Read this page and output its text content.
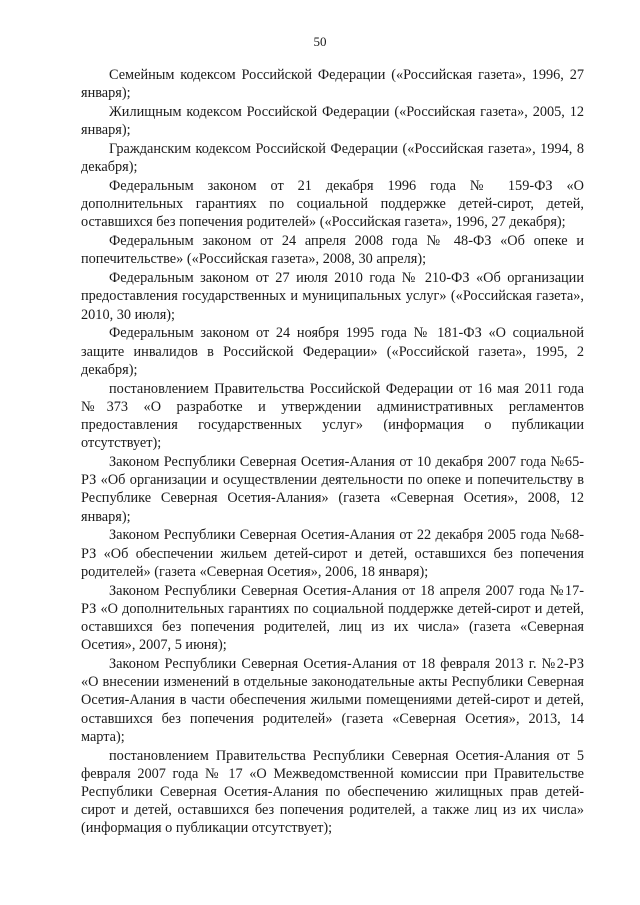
50

Семейным кодексом Российской Федерации («Российская газета», 1996, 27 января);

Жилищным кодексом Российской Федерации («Российская газета», 2005, 12 января);

Гражданским кодексом Российской Федерации («Российская газета», 1994, 8 декабря);

Федеральным законом от 21 декабря 1996 года № 159-ФЗ «О дополнительных гарантиях по социальной поддержке детей-сирот, детей, оставшихся без попечения родителей» («Российская газета», 1996, 27 декабря);

Федеральным законом от 24 апреля 2008 года № 48-ФЗ «Об опеке и попечительстве» («Российская газета», 2008, 30 апреля);

Федеральным законом от 27 июля 2010 года № 210-ФЗ «Об организации предоставления государственных и муниципальных услуг» («Российская газета», 2010, 30 июля);

Федеральным законом от 24 ноября 1995 года № 181-ФЗ «О социальной защите инвалидов в Российской Федерации» («Российской газета», 1995, 2 декабря);

постановлением Правительства Российской Федерации от 16 мая 2011 года №373 «О разработке и утверждении административных регламентов предоставления государственных услуг» (информация о публикации отсутствует);

Законом Республики Северная Осетия-Алания от 10 декабря 2007 года №65-РЗ «Об организации и осуществлении деятельности по опеке и попечительству в Республике Северная Осетия-Алания» (газета «Северная Осетия», 2008, 12 января);

Законом Республики Северная Осетия-Алания от 22 декабря 2005 года №68-РЗ «Об обеспечении жильем детей-сирот и детей, оставшихся без попечения родителей» (газета «Северная Осетия», 2006, 18 января);

Законом Республики Северная Осетия-Алания от 18 апреля 2007 года №17-РЗ «О дополнительных гарантиях по социальной поддержке детей-сирот и детей, оставшихся без попечения родителей, лиц из их числа» (газета «Северная Осетия», 2007, 5 июня);

Законом Республики Северная Осетия-Алания от 18 февраля 2013 г. №2-РЗ «О внесении изменений в отдельные законодательные акты Республики Северная Осетия-Алания в части обеспечения жилыми помещениями детей-сирот и детей, оставшихся без попечения родителей» (газета «Северная Осетия», 2013, 14 марта);

постановлением Правительства Республики Северная Осетия-Алания от 5 февраля 2007 года № 17 «О Межведомственной комиссии при Правительстве Республики Северная Осетия-Алания по обеспечению жилищных прав детей-сирот и детей, оставшихся без попечения родителей, а также лиц из их числа» (информация о публикации отсутствует);
